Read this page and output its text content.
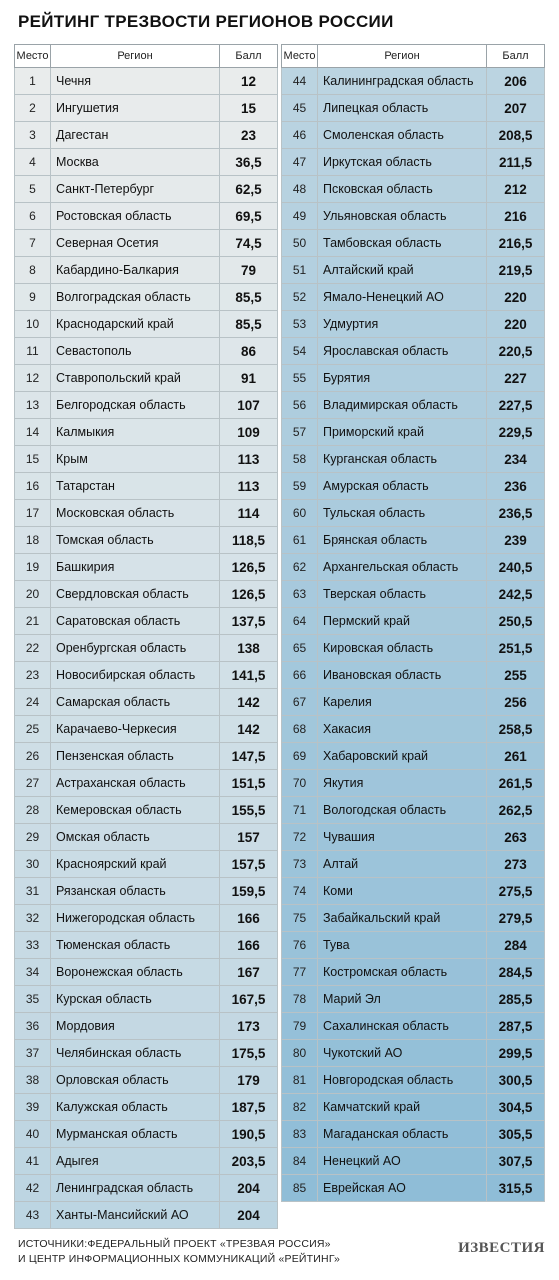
РЕЙТИНГ ТРЕЗВОСТИ РЕГИОНОВ РОССИИ
Место	Регион	Балл
1	Чечня	12
2	Ингушетия	15
3	Дагестан	23
4	Москва	36,5
5	Санкт-Петербург	62,5
6	Ростовская область	69,5
7	Северная Осетия	74,5
8	Кабардино-Балкария	79
9	Волгоградская область	85,5
10	Краснодарский край	85,5
11	Севастополь	86
12	Ставропольский край	91
13	Белгородская область	107
14	Калмыкия	109
15	Крым	113
16	Татарстан	113
17	Московская область	114
18	Томская область	118,5
19	Башкирия	126,5
20	Свердловская область	126,5
21	Саратовская область	137,5
22	Оренбургская область	138
23	Новосибирская область	141,5
24	Самарская область	142
25	Карачаево-Черкесия	142
26	Пензенская область	147,5
27	Астраханская область	151,5
28	Кемеровская область	155,5
29	Омская область	157
30	Красноярский край	157,5
31	Рязанская область	159,5
32	Нижегородская область	166
33	Тюменская область	166
34	Воронежская область	167
35	Курская область	167,5
36	Мордовия	173
37	Челябинская область	175,5
38	Орловская область	179
39	Калужская область	187,5
40	Мурманская область	190,5
41	Адыгея	203,5
42	Ленинградская область	204
43	Ханты-Мансийский АО	204
Место	Регион	Балл
44	Калининградская область	206
45	Липецкая область	207
46	Смоленская область	208,5
47	Иркутская область	211,5
48	Псковская область	212
49	Ульяновская область	216
50	Тамбовская область	216,5
51	Алтайский край	219,5
52	Ямало-Ненецкий АО	220
53	Удмуртия	220
54	Ярославская область	220,5
55	Бурятия	227
56	Владимирская область	227,5
57	Приморский край	229,5
58	Курганская область	234
59	Амурская область	236
60	Тульская область	236,5
61	Брянская область	239
62	Архангельская область	240,5
63	Тверская область	242,5
64	Пермский край	250,5
65	Кировская область	251,5
66	Ивановская область	255
67	Карелия	256
68	Хакасия	258,5
69	Хабаровский край	261
70	Якутия	261,5
71	Вологодская область	262,5
72	Чувашия	263
73	Алтай	273
74	Коми	275,5
75	Забайкальский край	279,5
76	Тува	284
77	Костромская область	284,5
78	Марий Эл	285,5
79	Сахалинская область	287,5
80	Чукотский АО	299,5
81	Новгородская область	300,5
82	Камчатский край	304,5
83	Магаданская область	305,5
84	Ненецкий АО	307,5
85	Еврейская АО	315,5
ИСТОЧНИКИ:ФЕДЕРАЛЬНЫЙ ПРОЕКТ «ТРЕЗВАЯ РОССИЯ»
И ЦЕНТР ИНФОРМАЦИОННЫХ КОММУНИКАЦИЙ «РЕЙТИНГ»
ИЗВЕСТИЯ
